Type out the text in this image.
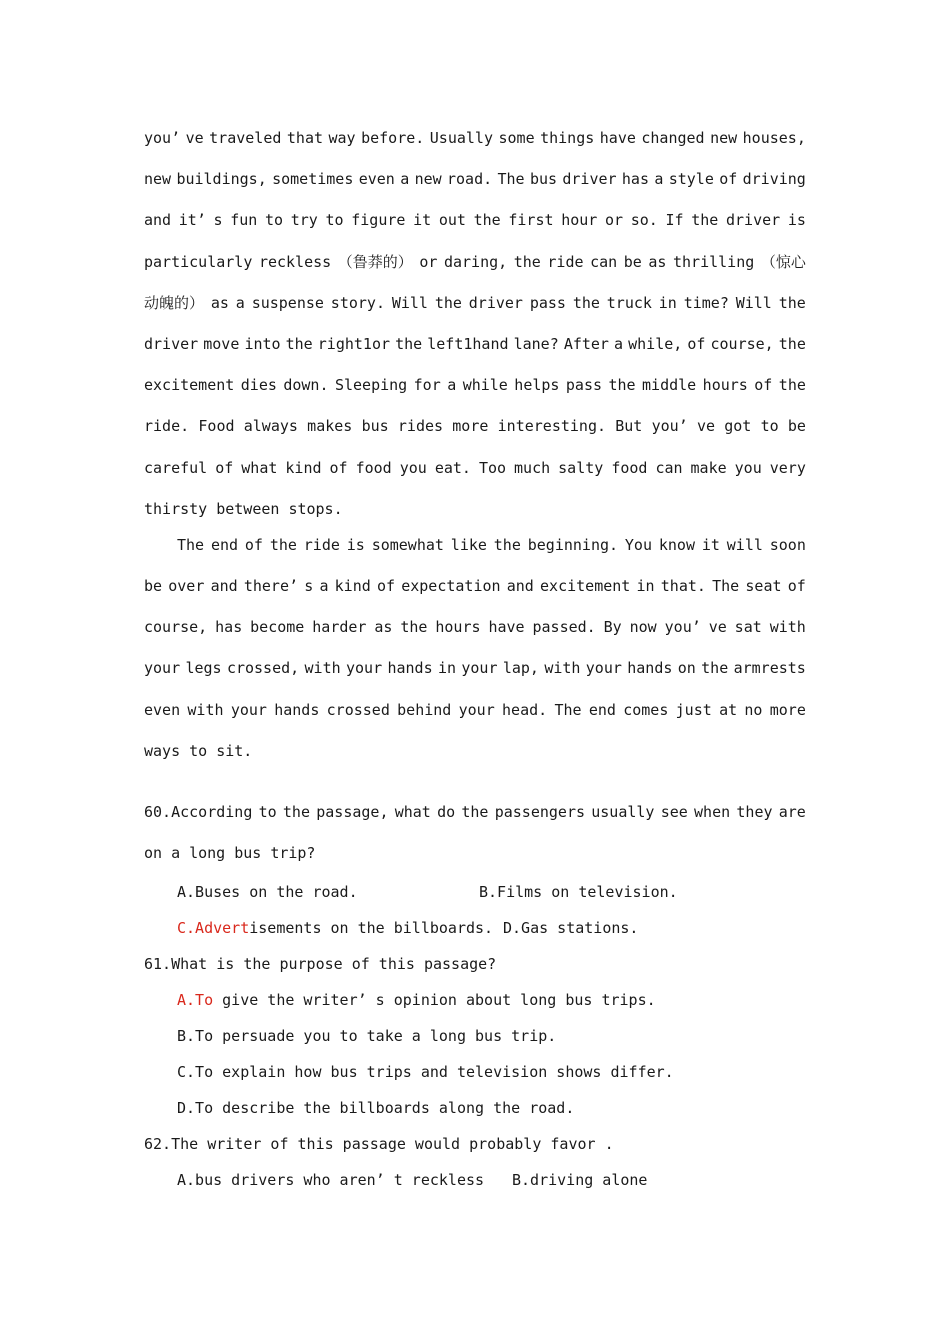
you’ ve traveled that way before. Usually some things have changed new houses,
new buildings, sometimes even a new road. The bus driver has a style of driving
and it’ s fun to try to figure it out the first hour or so. If the driver is
particularly reckless （鲁莽的） or daring, the ride can be as thrilling （惊心
动魄的） as a suspense story. Will the driver pass the truck in time? Will the
driver move into the right1or the left1hand lane? After a while, of course, the
excitement dies down. Sleeping for a while helps pass the middle hours of the
ride. Food always makes bus rides more interesting. But you’ ve got to be
careful of what kind of food you eat. Too much salty food can make you very
thirsty between stops.
The end of the ride is somewhat like the beginning. You know it will soon
be over and there’ s a kind of expectation and excitement in that. The seat of
course, has become harder as the hours have passed. By now you’ ve sat with
your legs crossed, with your hands in your lap, with your hands on the armrests
even with your hands crossed behind your head. The end comes just at no more
ways to sit.
60.According to the passage, what do the passengers usually see when they are
on a long bus trip?
A.Buses on the road.	B.Films on television.
C.Advertisements on the billboards. D.Gas stations.
61.What is the purpose of this passage?
A.To give the writer’ s opinion about long bus trips.
B.To persuade you to take a long bus trip.
C.To explain how bus trips and television shows differ.
D.To describe the billboards along the road.
62.The writer of this passage would probably favor .
A.bus drivers who aren’ t reckless B.driving alone
